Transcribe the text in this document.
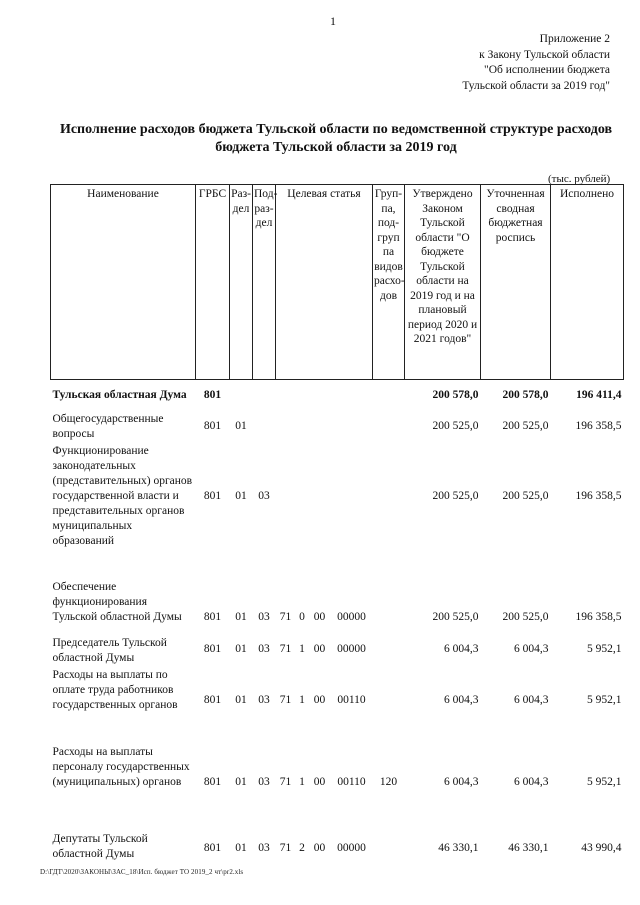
1
Приложение 2
к Закону Тульской области
"Об исполнении бюджета
Тульской области за 2019 год"
Исполнение расходов бюджета Тульской области по ведомственной структуре расходов бюджета Тульской области за 2019 год
(тыс. рублей)
Наименование	ГРБС	Раз-дел	Под-раз-дел	Целевая статья				Груп-па, под-груп па видов расхо-дов	Утверждено Законом Тульской области "О бюджете Тульской области на 2019 год и на плановый период 2020 и 2021 годов"	Уточненная сводная бюджетная роспись	Исполнено
Тульская областная Дума	801								200 578,0	200 578,0	196 411,4
Общегосударственные вопросы	801	01							200 525,0	200 525,0	196 358,5
Функционирование законодательных (представительных) органов государственной власти и представительных органов муниципальных образований	801	01	03						200 525,0	200 525,0	196 358,5
Обеспечение функционирования Тульской областной Думы	801	01	03	71	0	00	00000		200 525,0	200 525,0	196 358,5
Председатель Тульской областной Думы	801	01	03	71	1	00	00000		6 004,3	6 004,3	5 952,1
Расходы на выплаты по оплате труда работников государственных органов	801	01	03	71	1	00	00110		6 004,3	6 004,3	5 952,1
Расходы на выплаты персоналу государственных (муниципальных) органов	801	01	03	71	1	00	00110	120	6 004,3	6 004,3	5 952,1
Депутаты Тульской областной Думы	801	01	03	71	2	00	00000		46 330,1	46 330,1	43 990,4
D:\ГДТ\2020\ЗАКОНЫ\ЗАС_18\Исп. бюджет ТО 2019_2 чт\pr2.xls
